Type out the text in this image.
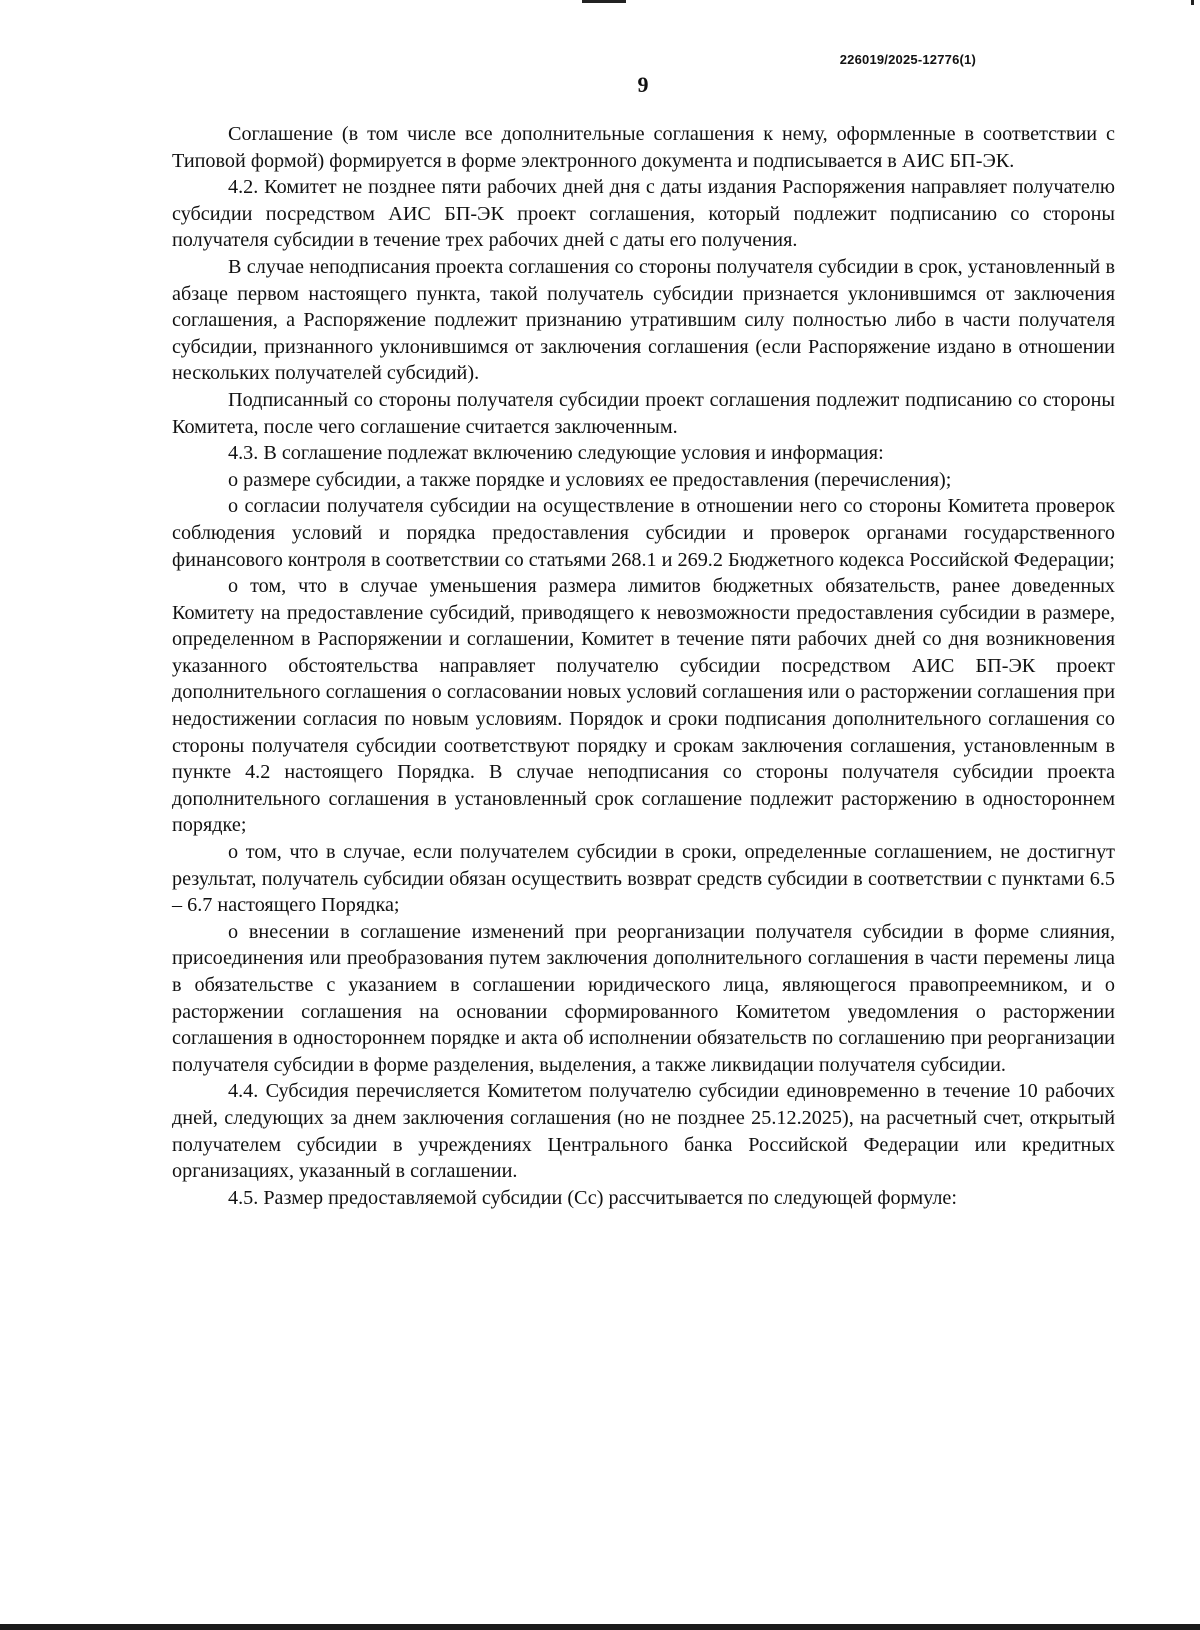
226019/2025-12776(1)
9

Соглашение (в том числе все дополнительные соглашения к нему, оформленные в соответствии с Типовой формой) формируется в форме электронного документа и подписывается в АИС БП-ЭК.

4.2. Комитет не позднее пяти рабочих дней дня с даты издания Распоряжения направляет получателю субсидии посредством АИС БП-ЭК проект соглашения, который подлежит подписанию со стороны получателя субсидии в течение трех рабочих дней с даты его получения.

В случае неподписания проекта соглашения со стороны получателя субсидии в срок, установленный в абзаце первом настоящего пункта, такой получатель субсидии признается уклонившимся от заключения соглашения, а Распоряжение подлежит признанию утратившим силу полностью либо в части получателя субсидии, признанного уклонившимся от заключения соглашения (если Распоряжение издано в отношении нескольких получателей субсидий).

Подписанный со стороны получателя субсидии проект соглашения подлежит подписанию со стороны Комитета, после чего соглашение считается заключенным.

4.3. В соглашение подлежат включению следующие условия и информация:

о размере субсидии, а также порядке и условиях ее предоставления (перечисления);

о согласии получателя субсидии на осуществление в отношении него со стороны Комитета проверок соблюдения условий и порядка предоставления субсидии и проверок органами государственного финансового контроля в соответствии со статьями 268.1 и 269.2 Бюджетного кодекса Российской Федерации;

о том, что в случае уменьшения размера лимитов бюджетных обязательств, ранее доведенных Комитету на предоставление субсидий, приводящего к невозможности предоставления субсидии в размере, определенном в Распоряжении и соглашении, Комитет в течение пяти рабочих дней со дня возникновения указанного обстоятельства направляет получателю субсидии посредством АИС БП-ЭК проект дополнительного соглашения о согласовании новых условий соглашения или о расторжении соглашения при недостижении согласия по новым условиям. Порядок и сроки подписания дополнительного соглашения со стороны получателя субсидии соответствуют порядку и срокам заключения соглашения, установленным в пункте 4.2 настоящего Порядка. В случае неподписания со стороны получателя субсидии проекта дополнительного соглашения в установленный срок соглашение подлежит расторжению в одностороннем порядке;

о том, что в случае, если получателем субсидии в сроки, определенные соглашением, не достигнут результат, получатель субсидии обязан осуществить возврат средств субсидии в соответствии с пунктами 6.5 – 6.7 настоящего Порядка;

о внесении в соглашение изменений при реорганизации получателя субсидии в форме слияния, присоединения или преобразования путем заключения дополнительного соглашения в части перемены лица в обязательстве с указанием в соглашении юридического лица, являющегося правопреемником, и о расторжении соглашения на основании сформированного Комитетом уведомления о расторжении соглашения в одностороннем порядке и акта об исполнении обязательств по соглашению при реорганизации получателя субсидии в форме разделения, выделения, а также ликвидации получателя субсидии.

4.4. Субсидия перечисляется Комитетом получателю субсидии единовременно в течение 10 рабочих дней, следующих за днем заключения соглашения (но не позднее 25.12.2025), на расчетный счет, открытый получателем субсидии в учреждениях Центрального банка Российской Федерации или кредитных организациях, указанный в соглашении.

4.5. Размер предоставляемой субсидии (Сс) рассчитывается по следующей формуле:
